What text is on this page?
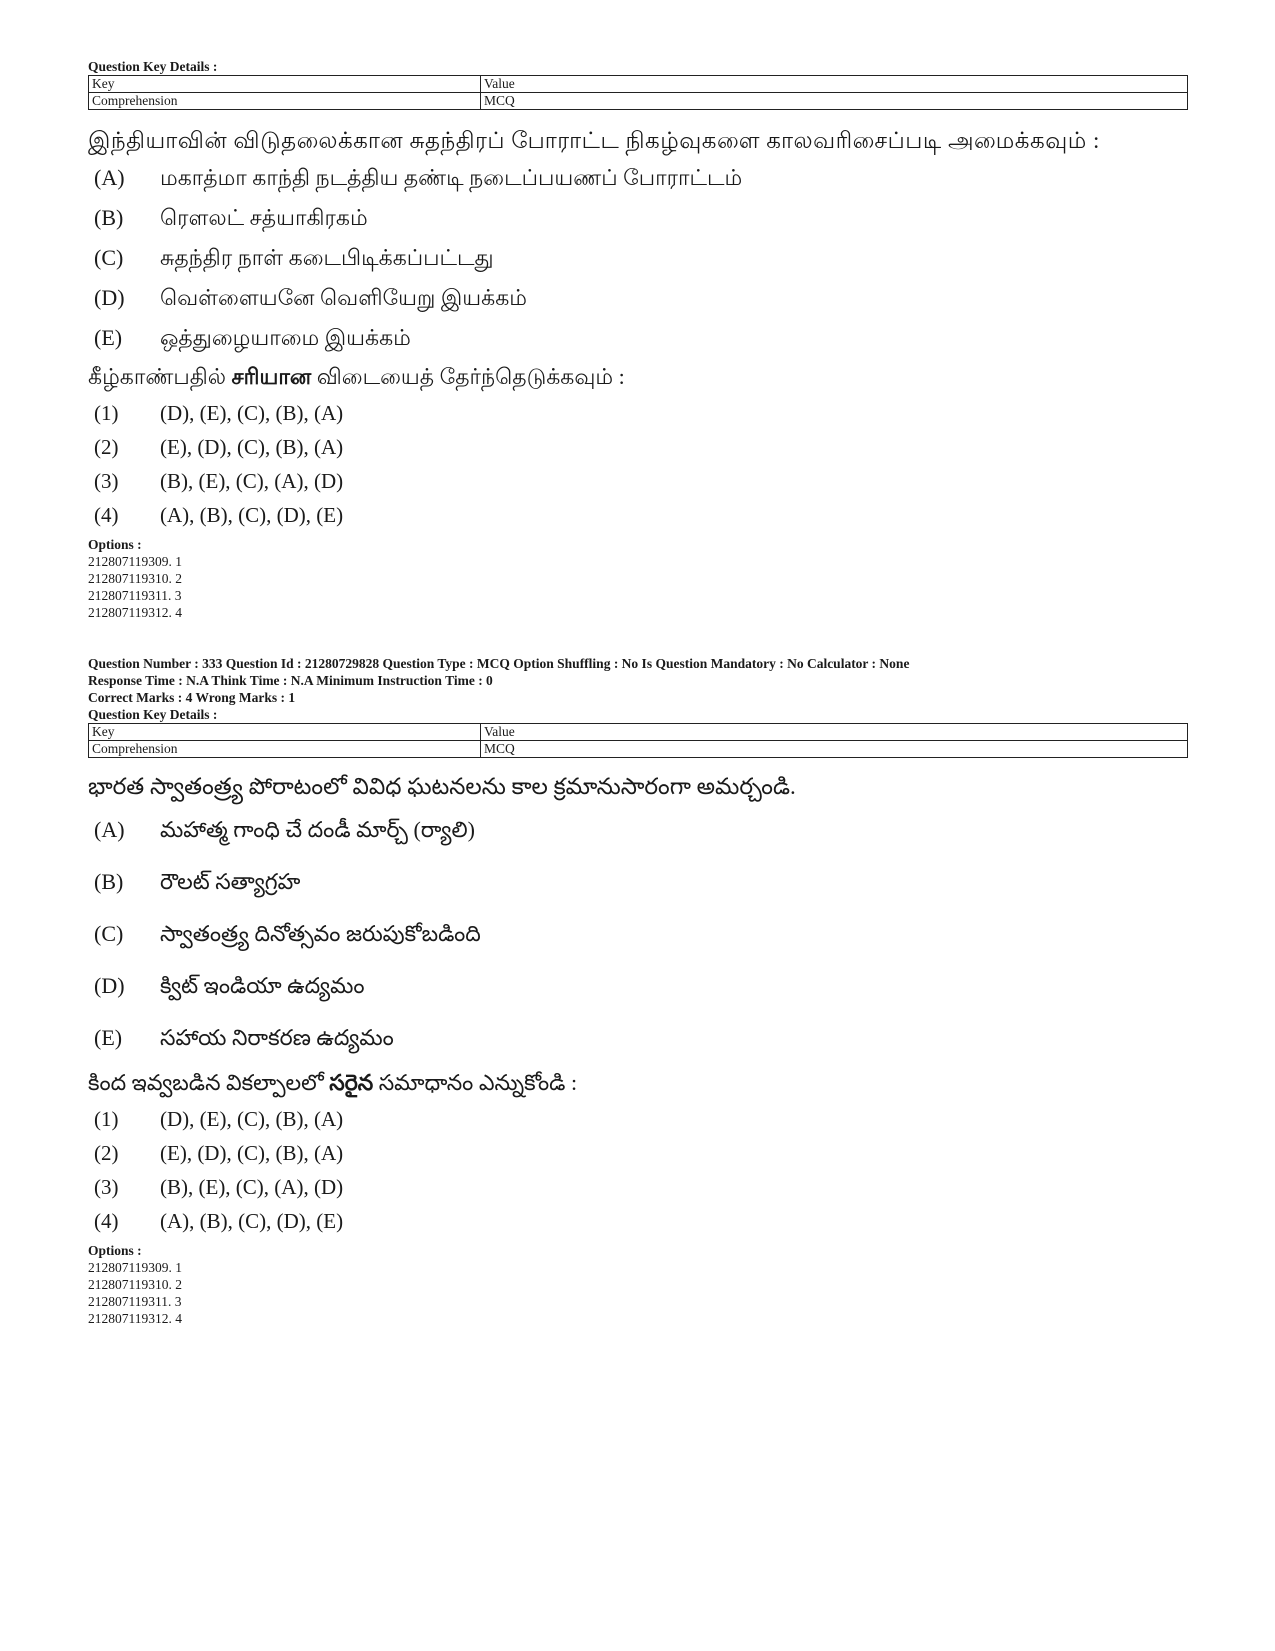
Question Key Details :
Key	Value
Comprehension	MCQ
இந்தியாவின் விடுதலைக்கான சுதந்திரப் போராட்ட நிகழ்வுகளை காலவரிசைப்படி அமைக்கவும் :
(A)	மகாத்மா காந்தி நடத்திய தண்டி நடைப்பயணப் போராட்டம்
(B)	ரௌலட் சத்யாகிரகம்
(C)	சுதந்திர நாள் கடைபிடிக்கப்பட்டது
(D)	வெள்ளையனே வெளியேறு இயக்கம்
(E)	ஒத்துழையாமை இயக்கம்
கீழ்காண்பதில் சரியான விடையைத் தேர்ந்தெடுக்கவும் :
(1)	(D), (E), (C), (B), (A)
(2)	(E), (D), (C), (B), (A)
(3)	(B), (E), (C), (A), (D)
(4)	(A), (B), (C), (D), (E)
Options :
212807119309. 1
212807119310. 2
212807119311. 3
212807119312. 4
Question Number : 333 Question Id : 21280729828 Question Type : MCQ Option Shuffling : No Is Question Mandatory : No Calculator : None
Response Time : N.A Think Time : N.A Minimum Instruction Time : 0
Correct Marks : 4 Wrong Marks : 1
Question Key Details :
Key	Value
Comprehension	MCQ
భారత స్వాతంత్ర్య పోరాటంలో వివిధ ఘటనలను కాల క్రమానుసారంగా అమర్చండి.
(A)	మహాత్మ గాంధి చే దండీ మార్చ్ (ర్యాలి)
(B)	రౌలట్ సత్యాగ్రహ
(C)	స్వాతంత్ర్య దినోత్సవం జరుపుకోబడింది
(D)	క్విట్ ఇండియా ఉద్యమం
(E)	సహాయ నిరాకరణ ఉద్యమం
కింద ఇవ్వబడిన వికల్పాలలో సరైన సమాధానం ఎన్నుకోండి :
(1)	(D), (E), (C), (B), (A)
(2)	(E), (D), (C), (B), (A)
(3)	(B), (E), (C), (A), (D)
(4)	(A), (B), (C), (D), (E)
Options :
212807119309. 1
212807119310. 2
212807119311. 3
212807119312. 4
